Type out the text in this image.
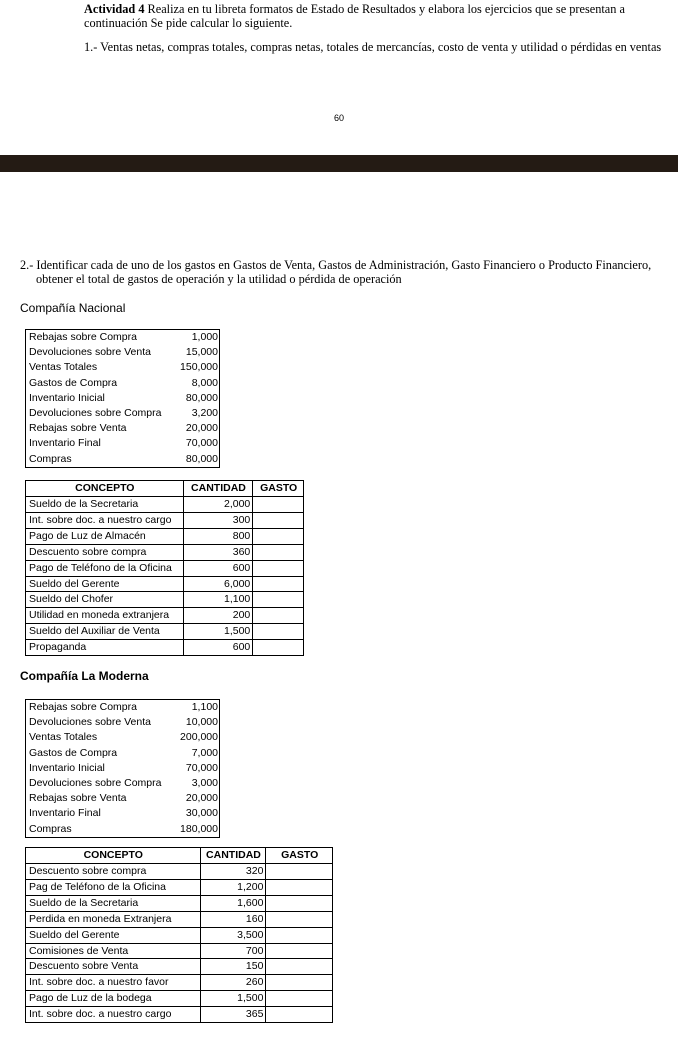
Actividad 4 Realiza en tu libreta formatos de Estado de Resultados y elabora los ejercicios que se presentan a continuación Se pide calcular lo siguiente.

1.- Ventas netas, compras totales, compras netas, totales de mercancías, costo de venta y utilidad o pérdidas en ventas

60

2.- Identificar cada de uno de los gastos en Gastos de Venta, Gastos de Administración, Gasto Financiero o Producto Financiero, obtener el total de gastos de operación y la utilidad o pérdida de operación

Compañía Nacional
Rebajas sobre Compra	1,000
Devoluciones sobre Venta	15,000
Ventas Totales	150,000
Gastos de Compra	8,000
Inventario Inicial	80,000
Devoluciones sobre Compra	3,200
Rebajas sobre Venta	20,000
Inventario Final	70,000
Compras	80,000
CONCEPTO	CANTIDAD	GASTO
Sueldo de la Secretaria	2,000	
Int. sobre doc. a nuestro cargo	300	
Pago de Luz de Almacén	800	
Descuento sobre compra	360	
Pago de Teléfono de la Oficina	600	
Sueldo del Gerente	6,000	
Sueldo del Chofer	1,100	
Utilidad en moneda extranjera	200	
Sueldo del Auxiliar de Venta	1,500	
Propaganda	600	
Compañía La Moderna
Rebajas sobre Compra	1,100
Devoluciones sobre Venta	10,000
Ventas Totales	200,000
Gastos de Compra	7,000
Inventario Inicial	70,000
Devoluciones sobre Compra	3,000
Rebajas sobre Venta	20,000
Inventario Final	30,000
Compras	180,000
CONCEPTO	CANTIDAD	GASTO
Descuento sobre compra	320	
Pag de Teléfono de la Oficina	1,200	
Sueldo de la Secretaria	1,600	
Perdida en moneda Extranjera	160	
Sueldo del Gerente	3,500	
Comisiones de Venta	700	
Descuento sobre Venta	150	
Int. sobre doc. a nuestro favor	260	
Pago de Luz de la bodega	1,500	
Int. sobre doc. a nuestro cargo	365	
